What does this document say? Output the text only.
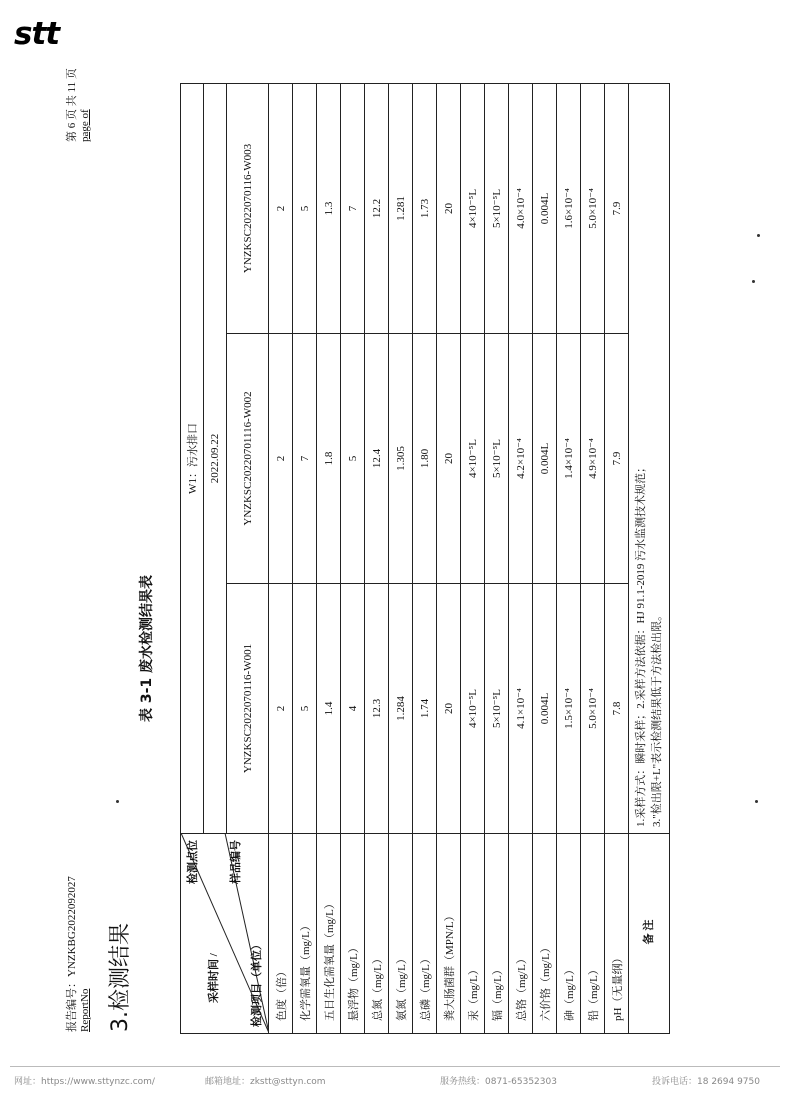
stt
报告编号：YNZKBG2022092027
ReportNo
第 6 页 共 11 页
page of
3.检测结果
表 3-1 废水检测结果表
检测点位
采样时间 /
样品编号
检测项目（单位）	W1：污水排口		
	2022.09.22		
	YNZKSC2022070116-W001	YNZKSC20220701116-W002	YNZKSC2022070116-W003
色度（倍）	2	2	2
化学需氧量（mg/L）	5	7	5
五日生化需氧量（mg/L）	1.4	1.8	1.3
悬浮物（mg/L）	4	5	7
总氮（mg/L）	12.3	12.4	12.2
氨氮（mg/L）	1.284	1.305	1.281
总磷（mg/L）	1.74	1.80	1.73
粪大肠菌群（MPN/L）	20	20	20
汞（mg/L）	4×10⁻⁵L	4×10⁻⁵L	4×10⁻⁵L
镉（mg/L）	5×10⁻⁵L	5×10⁻⁵L	5×10⁻⁵L
总铬（mg/L）	4.1×10⁻⁴	4.2×10⁻⁴	4.0×10⁻⁴
六价铬（mg/L）	0.004L	0.004L	0.004L
砷（mg/L）	1.5×10⁻⁴	1.4×10⁻⁴	1.6×10⁻⁴
铅（mg/L）	5.0×10⁻⁴	4.9×10⁻⁴	5.0×10⁻⁴
pH（无量纲）	7.8	7.9	7.9
备 注	1.采样方式：瞬时采样；2.采样方法依据：HJ 91.1-2019 污水监测技术规范； 3."检出限+L"表示检测结果低于方法检出限。		
网址：https://www.sttynzc.com/	邮箱地址：zkstt@sttyn.com	服务热线：0871-65352303	投诉电话：18 2694 9750
